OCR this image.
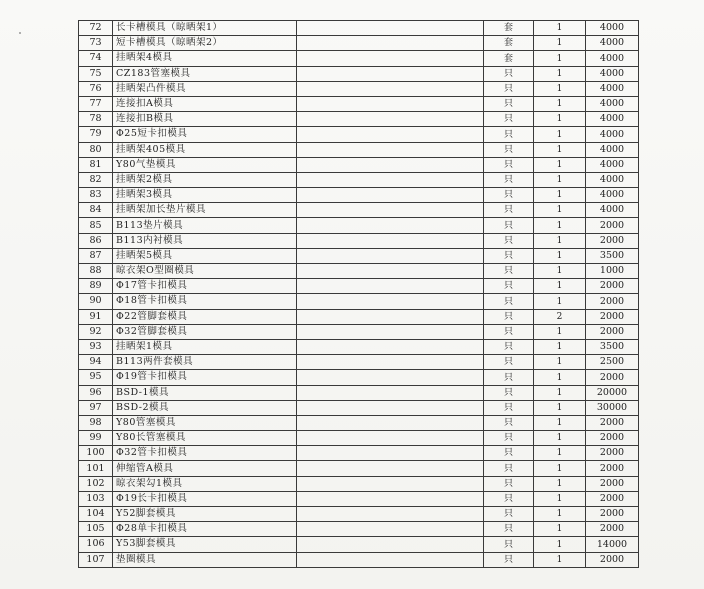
72	长卡槽模具（晾晒架1）		套	1	4000
73	短卡槽模具（晾晒架2）		套	1	4000
74	挂晒架4模具		套	1	4000
75	CZ183管塞模具		只	1	4000
76	挂晒架凸件模具		只	1	4000
77	连接扣A模具		只	1	4000
78	连接扣B模具		只	1	4000
79	Φ25短卡扣模具		只	1	4000
80	挂晒架405模具		只	1	4000
81	Y80气垫模具		只	1	4000
82	挂晒架2模具		只	1	4000
83	挂晒架3模具		只	1	4000
84	挂晒架加长垫片模具		只	1	4000
85	B113垫片模具		只	1	2000
86	B113内衬模具		只	1	2000
87	挂晒架5模具		只	1	3500
88	晾衣架O型圈模具		只	1	1000
89	Φ17管卡扣模具		只	1	2000
90	Φ18管卡扣模具		只	1	2000
91	Φ22管脚套模具		只	2	2000
92	Φ32管脚套模具		只	1	2000
93	挂晒架1模具		只	1	3500
94	B113两件套模具		只	1	2500
95	Φ19管卡扣模具		只	1	2000
96	BSD-1模具		只	1	20000
97	BSD-2模具		只	1	30000
98	Y80管塞模具		只	1	2000
99	Y80长管塞模具		只	1	2000
100	Φ32管卡扣模具		只	1	2000
101	伸缩管A模具		只	1	2000
102	晾衣架勾1模具		只	1	2000
103	Φ19长卡扣模具		只	1	2000
104	Y52脚套模具		只	1	2000
105	Φ28单卡扣模具		只	1	2000
106	Y53脚套模具		只	1	14000
107	垫圈模具		只	1	2000
